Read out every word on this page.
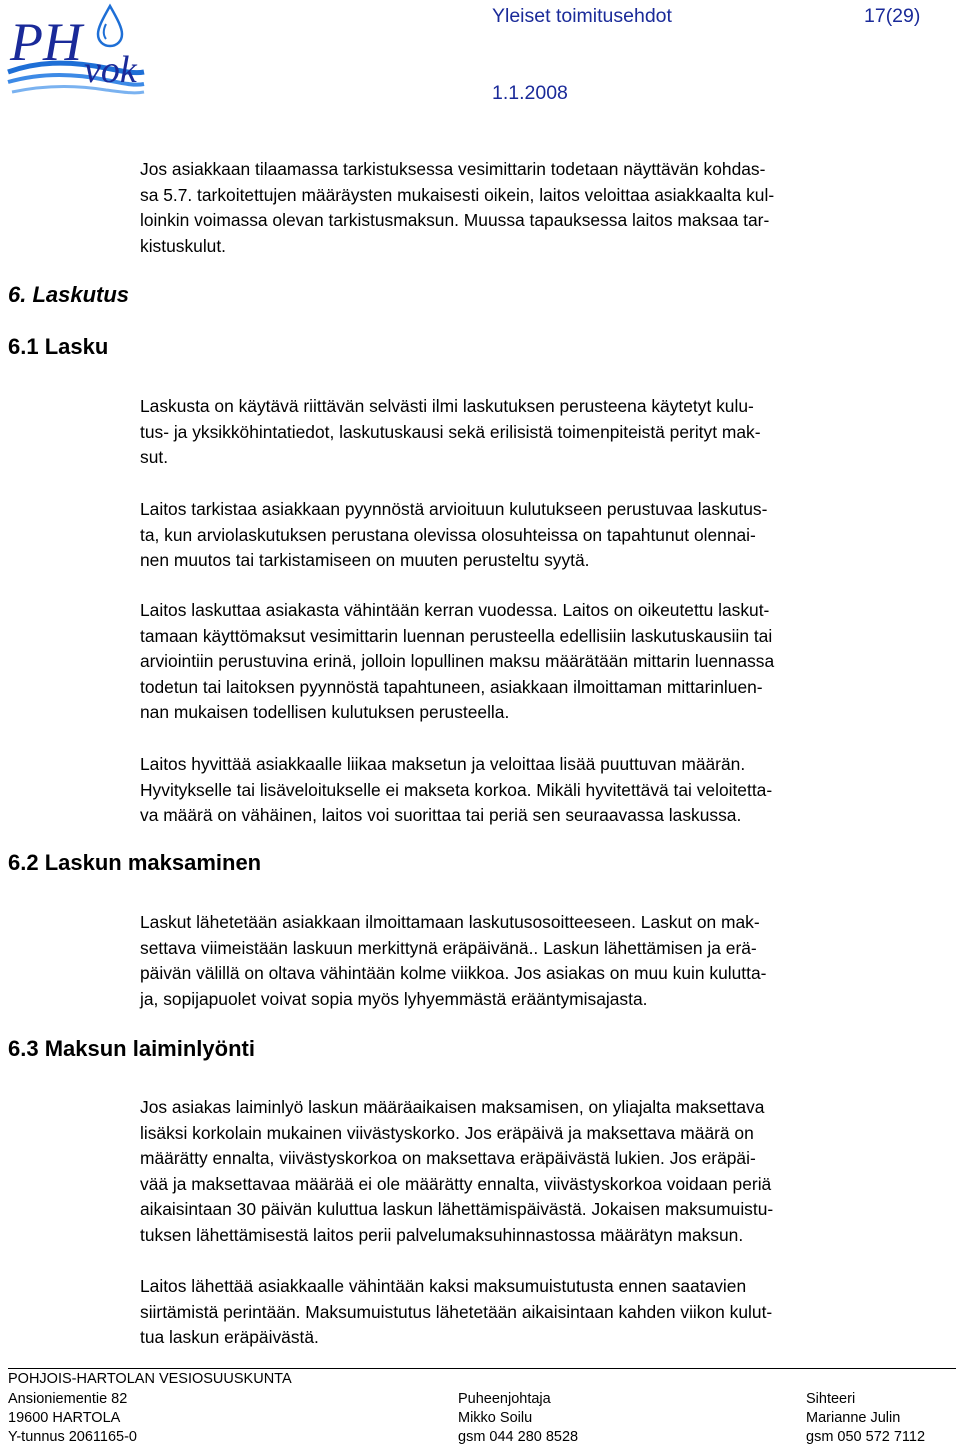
PH vok
Yleiset toimitusehdot	17(29)
1.1.2008
6. Laskutus
6.1 Lasku
6.2 Laskun maksaminen
6.3 Maksun laiminlyönti
Jos asiakkaan tilaamassa tarkistuksessa vesimittarin todetaan näyttävän kohdas-
sa 5.7. tarkoitettujen määräysten mukaisesti oikein, laitos veloittaa asiakkaalta kul-
loinkin voimassa olevan tarkistusmaksun. Muussa tapauksessa laitos maksaa tar-
kistuskulut.
Laskusta on käytävä riittävän selvästi ilmi laskutuksen perusteena käytetyt kulu-
tus- ja yksikköhintatiedot, laskutuskausi sekä erilisistä toimenpiteistä perityt mak-
sut.
Laitos tarkistaa asiakkaan pyynnöstä arvioituun kulutukseen perustuvaa laskutus-
ta, kun arviolaskutuksen perustana olevissa olosuhteissa on tapahtunut olennai-
nen muutos tai tarkistamiseen on muuten perusteltu syytä.
Laitos laskuttaa asiakasta vähintään kerran vuodessa. Laitos on oikeutettu laskut-
tamaan käyttömaksut vesimittarin luennan perusteella edellisiin laskutuskausiin tai
arviointiin perustuvina erinä, jolloin lopullinen maksu määrätään mittarin luennassa
todetun tai laitoksen pyynnöstä tapahtuneen, asiakkaan ilmoittaman mittarinluen-
nan mukaisen todellisen kulutuksen perusteella.
Laitos hyvittää asiakkaalle liikaa maksetun ja veloittaa lisää puuttuvan määrän.
Hyvitykselle tai lisäveloitukselle ei makseta korkoa. Mikäli hyvitettävä tai veloitetta-
va määrä on vähäinen, laitos voi suorittaa tai periä sen seuraavassa laskussa.
Laskut lähetetään asiakkaan ilmoittamaan laskutusosoitteeseen. Laskut on mak-
settava viimeistään laskuun merkittynä eräpäivänä.. Laskun lähettämisen ja erä-
päivän välillä on oltava vähintään kolme viikkoa. Jos asiakas on muu kuin kulutta-
ja, sopijapuolet voivat sopia myös lyhyemmästä erääntymisajasta.
Jos asiakas laiminlyö laskun määräaikaisen maksamisen, on yliajalta maksettava
lisäksi korkolain mukainen viivästyskorko. Jos eräpäivä ja maksettava määrä on
määrätty ennalta, viivästyskorkoa on maksettava eräpäivästä lukien. Jos eräpäi-
vää ja maksettavaa määrää ei ole määrätty ennalta, viivästyskorkoa voidaan periä
aikaisintaan 30 päivän kuluttua laskun lähettämispäivästä. Jokaisen maksumuistu-
tuksen lähettämisestä laitos perii palvelumaksuhinnastossa määrätyn maksun.
Laitos lähettää asiakkaalle vähintään kaksi maksumuistutusta ennen saatavien
siirtämistä perintään. Maksumuistutus lähetetään aikaisintaan kahden viikon kulut-
tua laskun eräpäivästä.
POHJOIS-HARTOLAN VESIOSUUSKUNTA
Ansioniementie 82
19600 HARTOLA
Y-tunnus 2061165-0
Puheenjohtaja
Mikko Soilu
gsm 044 280 8528
Sihteeri
Marianne Julin
gsm 050 572 7112
